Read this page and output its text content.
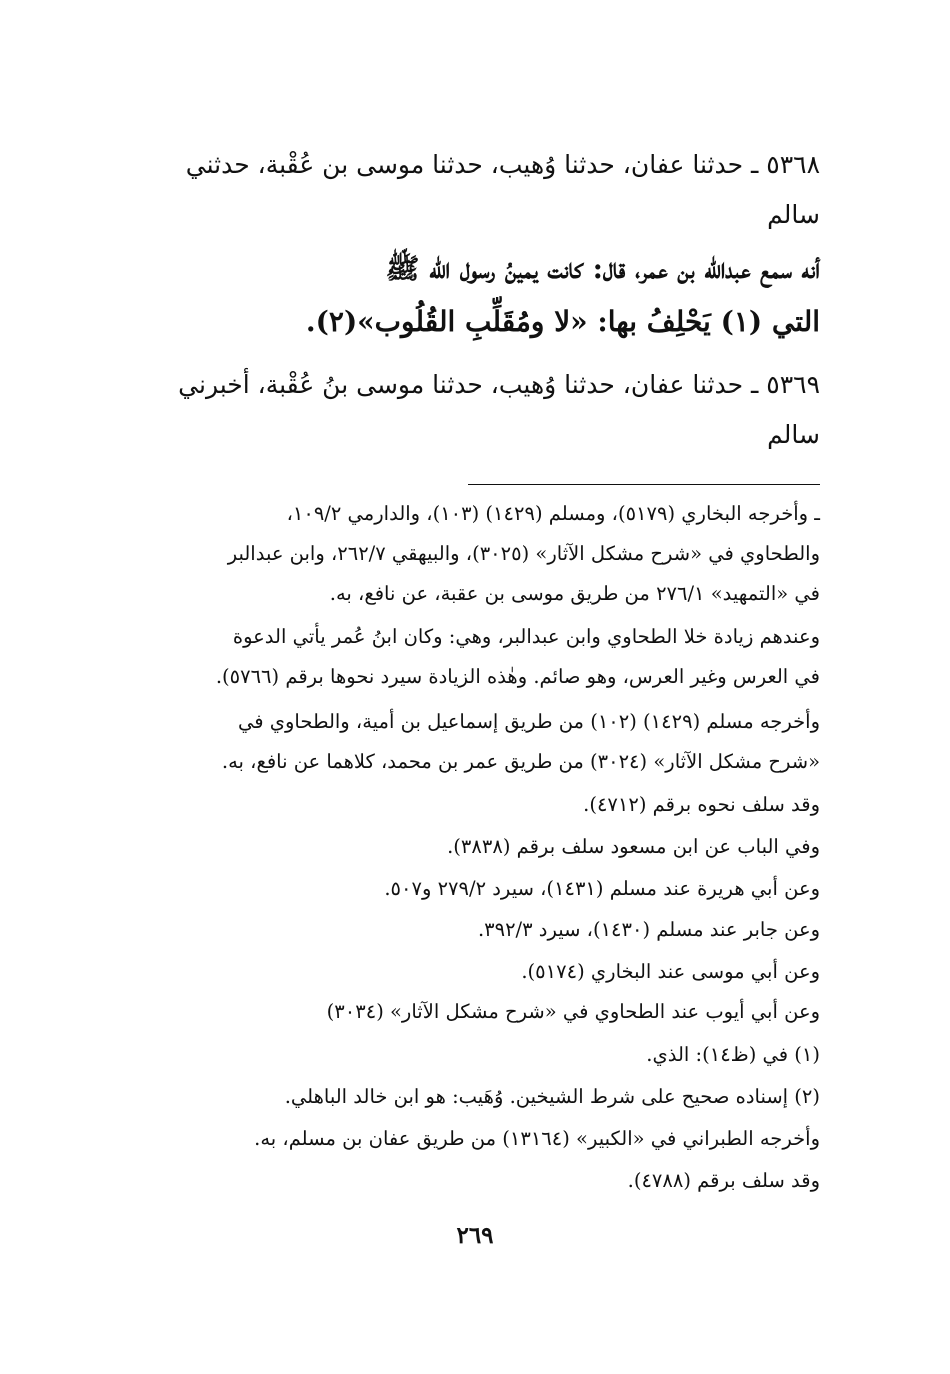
٥٣٦٨ ـ حدثنا عفان، حدثنا وُهيب، حدثنا موسى بن عُقْبة، حدثني
سالم
أنه سمع عبدالله بن عمر، قال: كانت يمينُ رسول الله ﷺ
التي (١) يَحْلِفُ بها: «لا ومُقَلِّبِ القُلُوب»(٢).
٥٣٦٩ ـ حدثنا عفان، حدثنا وُهيب، حدثنا موسى بنُ عُقْبة، أخبرني
سالم
ـ وأخرجه البخاري (٥١٧٩)، ومسلم (١٤٢٩) (١٠٣)، والدارمي ١٠٩/٢،
والطحاوي في «شرح مشكل الآثار» (٣٠٢٥)، والبيهقي ٢٦٢/٧، وابن عبدالبر
في «التمهيد» ٢٧٦/١ من طريق موسى بن عقبة، عن نافع، به.
وعندهم زيادة خلا الطحاوي وابن عبدالبر، وهي: وكان ابنُ عُمر يأتي الدعوة
في العرس وغير العرس، وهو صائم. وهٰذه الزيادة سيرد نحوها برقم (٥٧٦٦).
وأخرجه مسلم (١٤٢٩) (١٠٢) من طريق إسماعيل بن أمية، والطحاوي في
«شرح مشكل الآثار» (٣٠٢٤) من طريق عمر بن محمد، كلاهما عن نافع، به.
وقد سلف نحوه برقم (٤٧١٢).
وفي الباب عن ابن مسعود سلف برقم (٣٨٣٨).
وعن أبي هريرة عند مسلم (١٤٣١)، سيرد ٢٧٩/٢ و٥٠٧.
وعن جابر عند مسلم (١٤٣٠)، سيرد ٣٩٢/٣.
وعن أبي موسى عند البخاري (٥١٧٤).
وعن أبي أيوب عند الطحاوي في «شرح مشكل الآثار» (٣٠٣٤)
(١) في (ظ١٤): الذي.
(٢) إسناده صحيح على شرط الشيخين. وُهَيب: هو ابن خالد الباهلي.
وأخرجه الطبراني في «الكبير» (١٣١٦٤) من طريق عفان بن مسلم، به.
وقد سلف برقم (٤٧٨٨).
٢٦٩
